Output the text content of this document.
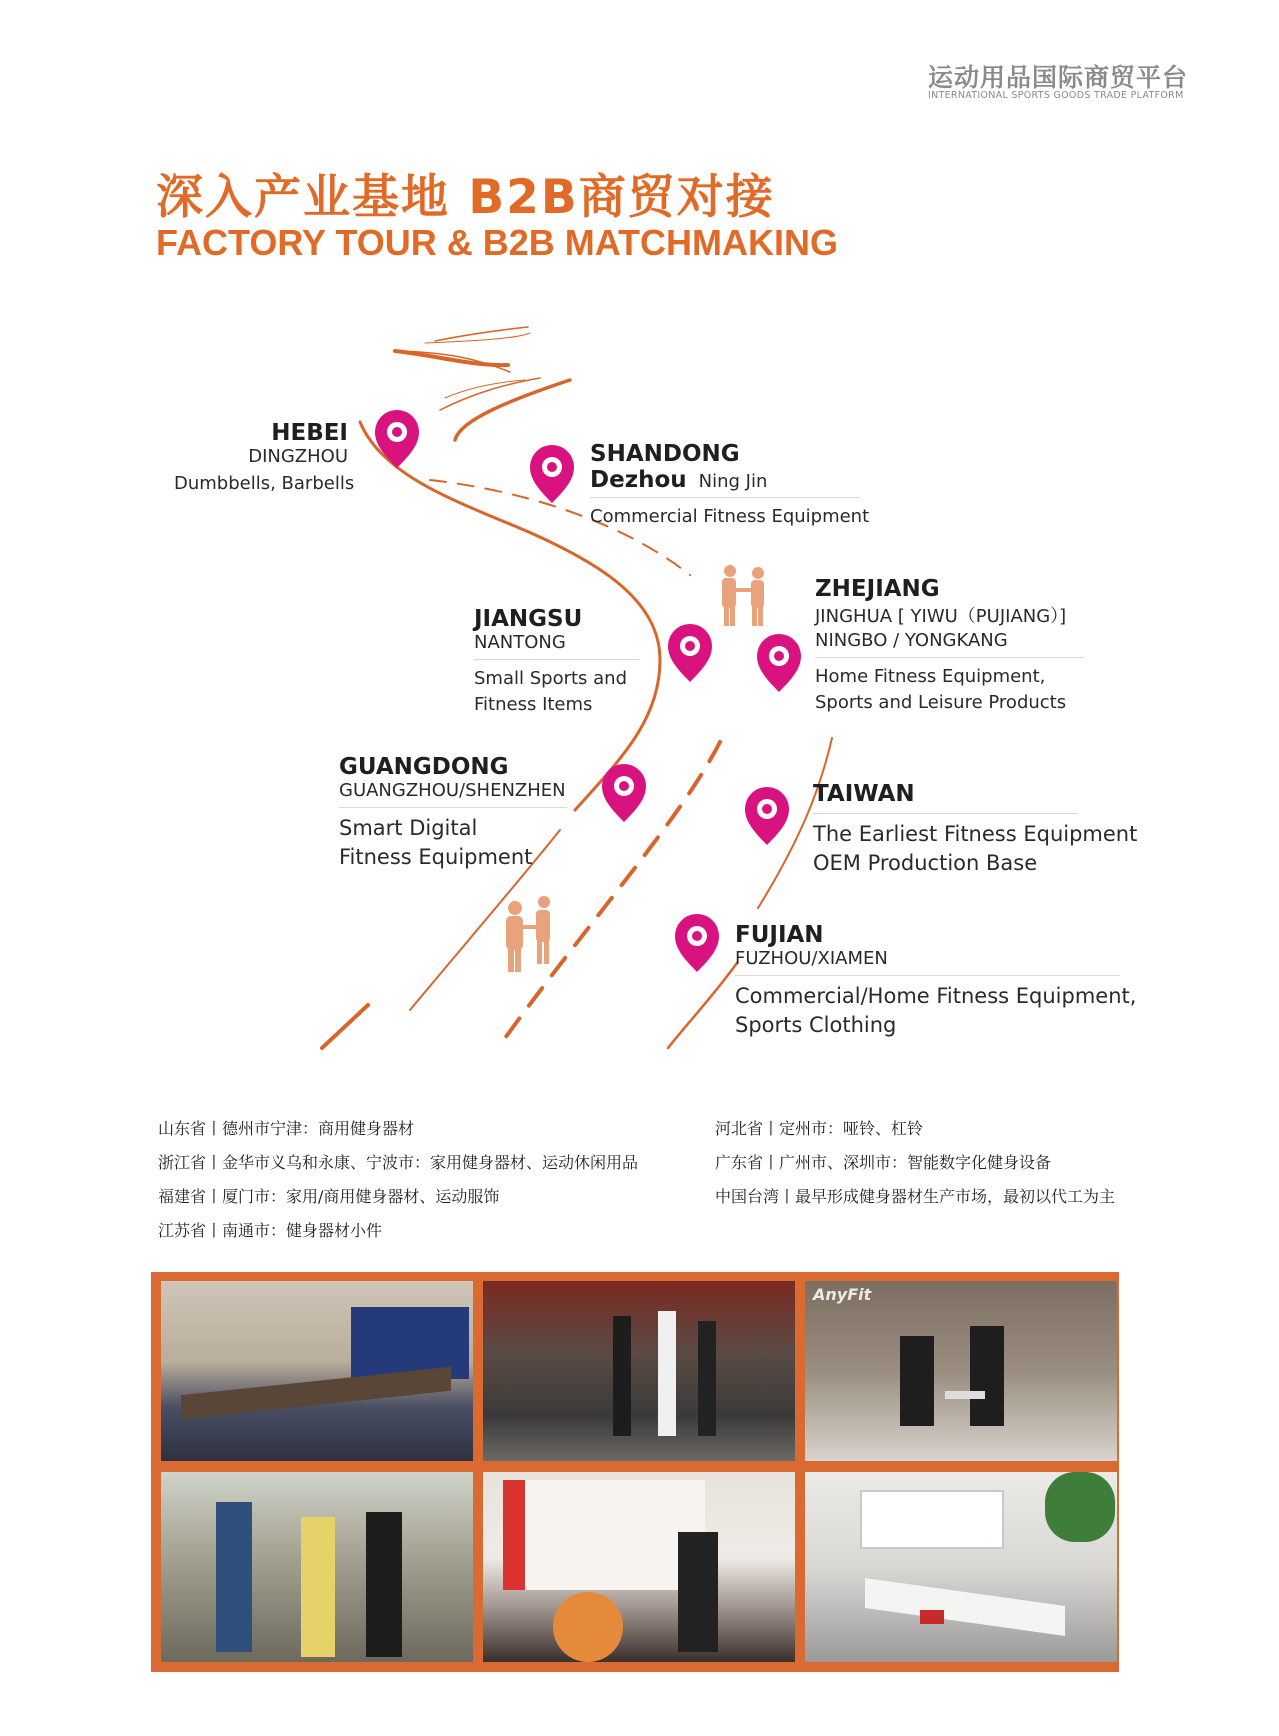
运动用品国际商贸平台
INTERNATIONAL SPORTS GOODS TRADE PLATFORM
深入产业基地 B2B商贸对接
FACTORY TOUR & B2B MATCHMAKING
HEBEI
DINGZHOU
Dumbbells, Barbells
SHANDONG
Dezhou Ning Jin
Commercial Fitness Equipment
ZHEJIANG
JINGHUA [ YIWU（PUJIANG）]
NINGBO / YONGKANG
Home Fitness Equipment,
Sports and Leisure Products
JIANGSU
NANTONG
Small Sports and
Fitness Items
GUANGDONG
GUANGZHOU/SHENZHEN
Smart Digital
Fitness Equipment
TAIWAN
The Earliest Fitness Equipment
OEM Production Base
FUJIAN
FUZHOU/XIAMEN
Commercial/Home Fitness Equipment,
Sports Clothing
山东省丨德州市宁津：商用健身器材
浙江省丨金华市义乌和永康、宁波市：家用健身器材、运动休闲用品
福建省丨厦门市：家用/商用健身器材、运动服饰
江苏省丨南通市：健身器材小件
河北省丨定州市：哑铃、杠铃
广东省丨广州市、深圳市：智能数字化健身设备
中国台湾丨最早形成健身器材生产市场，最初以代工为主
AnyFit
